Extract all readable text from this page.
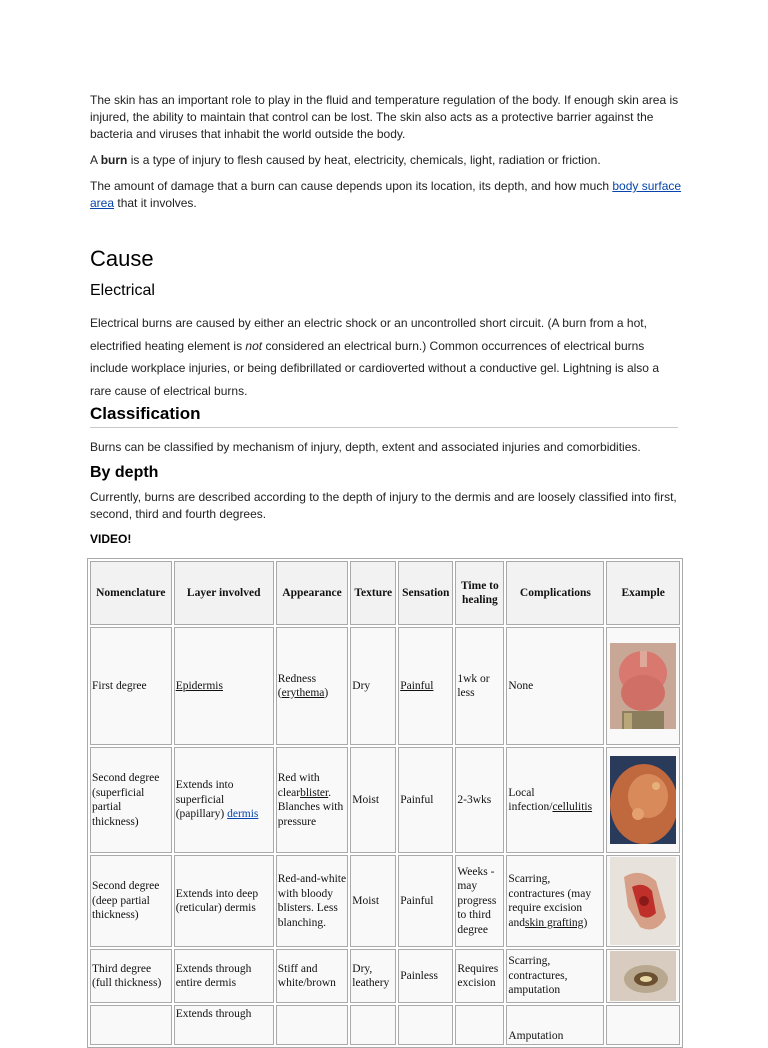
The skin has an important role to play in the fluid and temperature regulation of the body. If enough skin area is injured, the ability to maintain that control can be lost. The skin also acts as a protective barrier against the bacteria and viruses that inhabit the world outside the body.

A burn is a type of injury to flesh caused by heat, electricity, chemicals, light, radiation or friction.

The amount of damage that a burn can cause depends upon its location, its depth, and how much body surface area that it involves.

Cause
Electrical

Electrical burns are caused by either an electric shock or an uncontrolled short circuit. (A burn from a hot, electrified heating element is not considered an electrical burn.) Common occurrences of electrical burns include workplace injuries, or being defibrillated or cardioverted without a conductive gel. Lightning is also a rare cause of electrical burns.

Classification

Burns can be classified by mechanism of injury, depth, extent and associated injuries and comorbidities.

By depth

Currently, burns are described according to the depth of injury to the dermis and are loosely classified into first, second, third and fourth degrees.

VIDEO!
Nomenclature	Layer involved	Appearance	Texture	Sensation	Time to healing	Complications	Example
First degree	Epidermis	Redness (erythema)	Dry	Painful	1wk or less	None	

Second degree (superficial partial thickness)	Extends into superficial (papillary) dermis	Red with clearblister. Blanches with pressure	Moist	Painful	2-3wks	Local infection/cellulitis	

Second degree (deep partial thickness)	Extends into deep (reticular) dermis	Red-and-white with bloody blisters. Less blanching.	Moist	Painful	Weeks - may progress to third degree	Scarring, contractures (may require excision andskin grafting)	

Third degree (full thickness)	Extends through entire dermis	Stiff and white/brown	Dry, leathery	Painless	Requires excision	Scarring, contractures, amputation	

	Extends through					Amputation	
